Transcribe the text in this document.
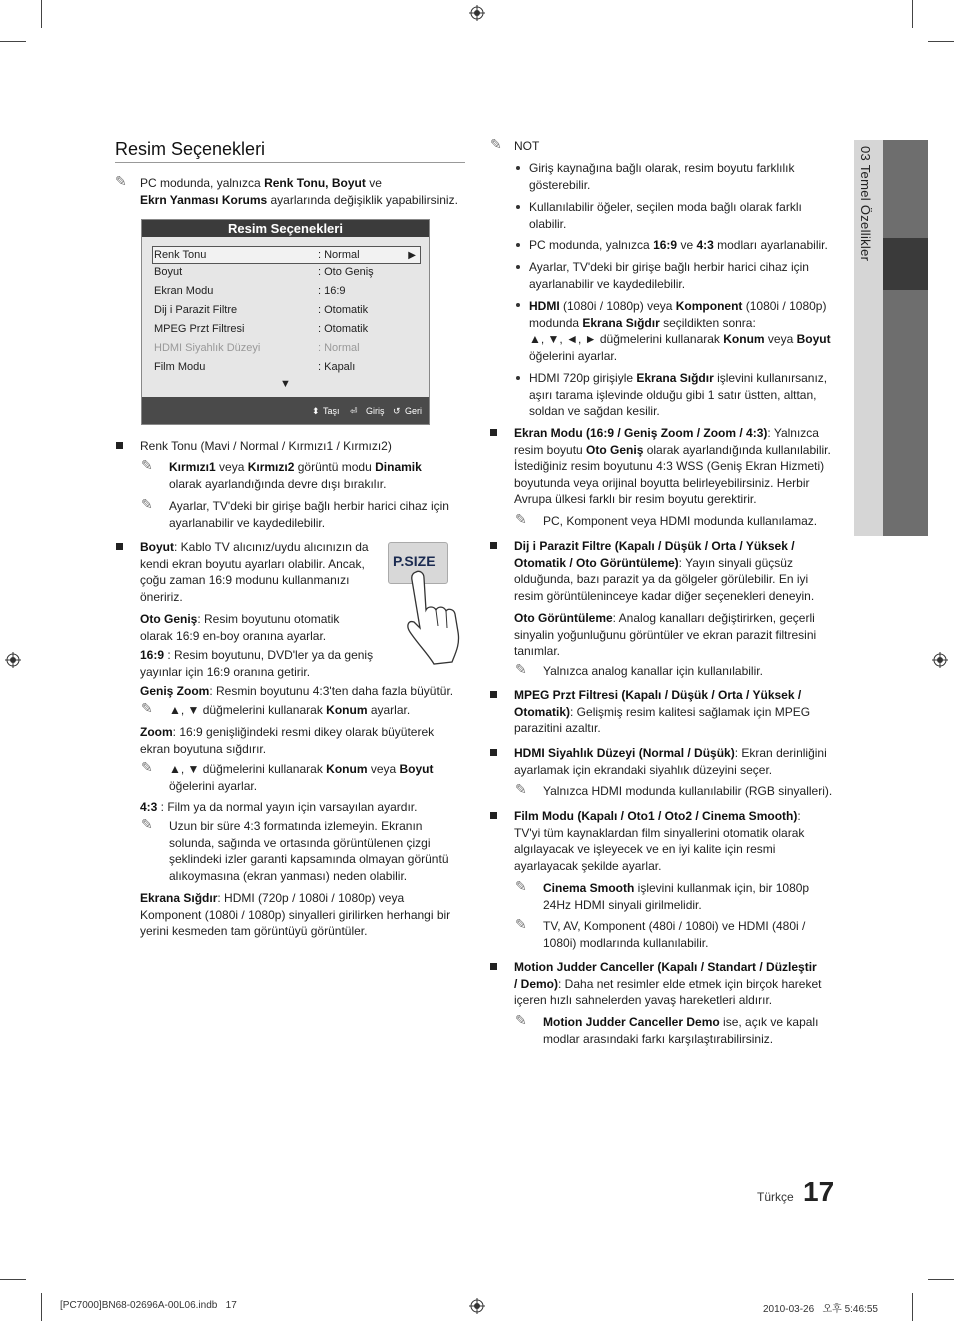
03 Temel Özellikler
Resim Seçenekleri
✎ PC modunda, yalnızca Renk Tonu, Boyut ve
Ekrn Yanması Korums ayarlarında değişiklik yapabilirsiniz.
Resim Seçenekleri
Renk Tonu	: Normal	▶
Boyut	: Oto Geniş
Ekran Modu	: 16:9
Dij i Parazit Filtre	: Otomatik
MPEG Przt Filtresi	: Otomatik
HDMI Siyahlık Düzeyi	: Normal
Film Modu	: Kapalı
▼
⬍ Taşı ⏎ Giriş ↺ Geri
Renk Tonu (Mavi / Normal / Kırmızı1 / Kırmızı2)
✎ Kırmızı1 veya Kırmızı2 görüntü modu Dinamik
olarak ayarlandığında devre dışı bırakılır.
✎ Ayarlar, TV'deki bir girişe bağlı herbir harici cihaz için
ayarlanabilir ve kaydedilebilir.
Boyut: Kablo TV alıcınız/uydu alıcınızın da
kendi ekran boyutu ayarları olabilir. Ancak,
çoğu zaman 16:9 modunu kullanmanızı
öneririz.
P.SIZE
Oto Geniş: Resim boyutunu otomatik
olarak 16:9 en-boy oranına ayarlar.
16:9 : Resim boyutunu, DVD'ler ya da geniş
yayınlar için 16:9 oranına getirir.
Geniş Zoom: Resmin boyutunu 4:3'ten daha fazla büyütür.
✎ ▲, ▼ düğmelerini kullanarak Konum ayarlar.
Zoom: 16:9 genişliğindeki resmi dikey olarak büyüterek
ekran boyutuna sığdırır.
✎ ▲, ▼ düğmelerini kullanarak Konum veya Boyut
öğelerini ayarlar.
4:3 : Film ya da normal yayın için varsayılan ayardır.
✎ Uzun bir süre 4:3 formatında izlemeyin. Ekranın
solunda, sağında ve ortasında görüntülenen çizgi
şeklindeki izler garanti kapsamında olmayan görüntü
alıkoymasına (ekran yanması) neden olabilir.
Ekrana Sığdır: HDMI (720p / 1080i / 1080p) veya
Komponent (1080i / 1080p) sinyalleri girilirken herhangi bir
yerini kesmeden tam görüntüyü görüntüler.
✎ NOT
Giriş kaynağına bağlı olarak, resim boyutu farklılık
gösterebilir.
Kullanılabilir öğeler, seçilen moda bağlı olarak farklı
olabilir.
PC modunda, yalnızca 16:9 ve 4:3 modları ayarlanabilir.
Ayarlar, TV'deki bir girişe bağlı herbir harici cihaz için
ayarlanabilir ve kaydedilebilir.
HDMI (1080i / 1080p) veya Komponent (1080i / 1080p)
modunda Ekrana Sığdır seçildikten sonra:
▲, ▼, ◄, ► düğmelerini kullanarak Konum veya Boyut
öğelerini ayarlar.
HDMI 720p girişiyle Ekrana Sığdır işlevini kullanırsanız,
aşırı tarama işlevinde olduğu gibi 1 satır üstten, alttan,
soldan ve sağdan kesilir.
Ekran Modu (16:9 / Geniş Zoom / Zoom / 4:3): Yalnızca
resim boyutu Oto Geniş olarak ayarlandığında kullanılabilir.
İstediğiniz resim boyutunu 4:3 WSS (Geniş Ekran Hizmeti)
boyutunda veya orijinal boyutta belirleyebilirsiniz. Herbir
Avrupa ülkesi farklı bir resim boyutu gerektirir.
✎ PC, Komponent veya HDMI modunda kullanılamaz.
Dij i Parazit Filtre (Kapalı / Düşük / Orta / Yüksek /
Otomatik / Oto Görüntüleme): Yayın sinyali güçsüz
olduğunda, bazı parazit ya da gölgeler görülebilir. En iyi
resim görüntüleninceye kadar diğer seçenekleri deneyin.
Oto Görüntüleme: Analog kanalları değiştirirken, geçerli
sinyalin yoğunluğunu görüntüler ve ekran parazit filtresini
tanımlar.
✎ Yalnızca analog kanallar için kullanılabilir.
MPEG Przt Filtresi (Kapalı / Düşük / Orta / Yüksek /
Otomatik): Gelişmiş resim kalitesi sağlamak için MPEG
parazitini azaltır.
HDMI Siyahlık Düzeyi (Normal / Düşük): Ekran derinliğini
ayarlamak için ekrandaki siyahlık düzeyini seçer.
✎ Yalnızca HDMI modunda kullanılabilir (RGB sinyalleri).
Film Modu (Kapalı / Oto1 / Oto2 / Cinema Smooth):
TV'yi tüm kaynaklardan film sinyallerini otomatik olarak
algılayacak ve işleyecek ve en iyi kalite için resmi
ayarlayacak şekilde ayarlar.
✎ Cinema Smooth işlevini kullanmak için, bir 1080p
24Hz HDMI sinyali girilmelidir.
✎ TV, AV, Komponent (480i / 1080i) ve HDMI (480i /
1080i) modlarında kullanılabilir.
Motion Judder Canceller (Kapalı / Standart / Düzleştir
/ Demo): Daha net resimler elde etmek için birçok hareket
içeren hızlı sahnelerden yavaş hareketleri aldırır.
✎ Motion Judder Canceller Demo ise, açık ve kapalı
modlar arasındaki farkı karşılaştırabilirsiniz.
Türkçe 17
[PC7000]BN68-02696A-00L06.indb   17	2010-03-26   오후 5:46:55
